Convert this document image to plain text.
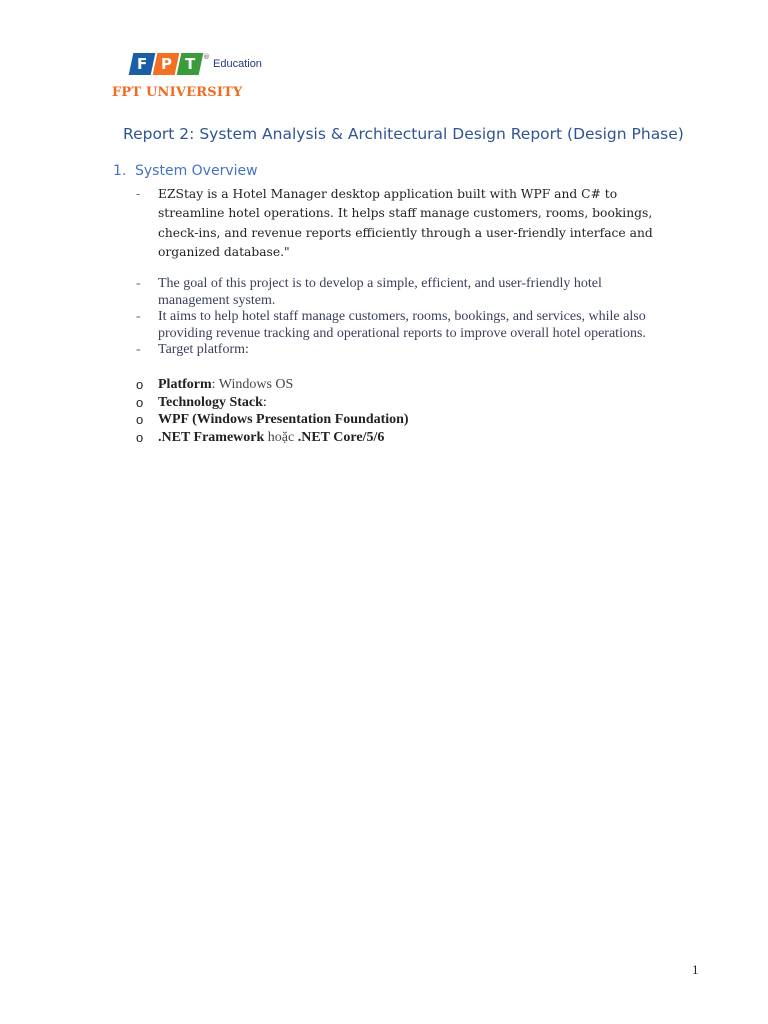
F P T	®
Education
FPT UNIVERSITY
Report 2: System Analysis & Architectural Design Report (Design Phase)
1. System Overview
- EZStay is a Hotel Manager desktop application built with WPF and C# to streamline hotel operations. It helps staff manage customers, rooms, bookings, check-ins, and revenue reports efficiently through a user-friendly interface and organized database."
- The goal of this project is to develop a simple, efficient, and user-friendly hotel management system.
- It aims to help hotel staff manage customers, rooms, bookings, and services, while also providing revenue tracking and operational reports to improve overall hotel operations.
- Target platform:
o Platform: Windows OS
o Technology Stack:
o WPF (Windows Presentation Foundation)
o .NET Framework hoặc .NET Core/5/6
1
